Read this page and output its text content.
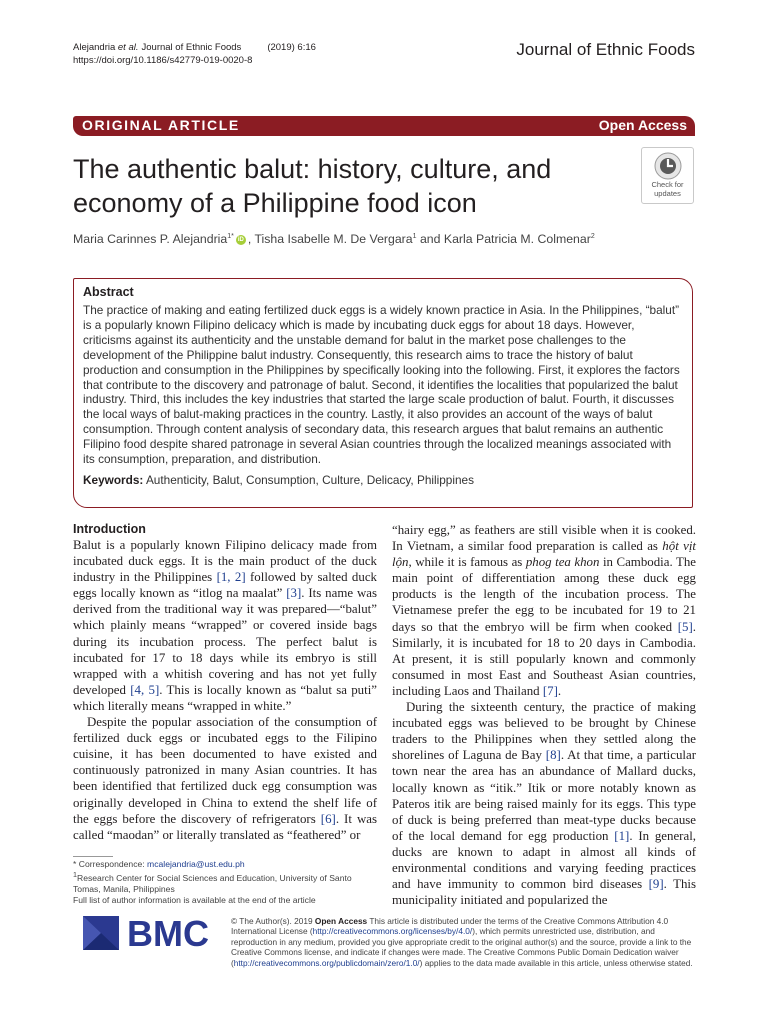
Alejandria et al. Journal of Ethnic Foods	(2019) 6:16
https://doi.org/10.1186/s42779-019-0020-8
Journal of Ethnic Foods
ORIGINAL ARTICLE	Open Access
The authentic balut: history, culture, and economy of a Philippine food icon
Check for
updates
Maria Carinnes P. Alejandria$^{1*}$ iD , Tisha Isabelle M. De Vergara$^1$ and Karla Patricia M. Colmenar$^2$
Abstract

The practice of making and eating fertilized duck eggs is a widely known practice in Asia. In the Philippines, “balut” is a popularly known Filipino delicacy which is made by incubating duck eggs for about 18 days. However, criticisms against its authenticity and the unstable demand for balut in the market pose challenges to the development of the Philippine balut industry. Consequently, this research aims to trace the history of balut production and consumption in the Philippines by specifically looking into the following. First, it explores the factors that contribute to the discovery and patronage of balut. Second, it identifies the localities that popularized the balut industry. Third, this includes the key industries that started the large scale production of balut. Fourth, it discusses the local ways of balut-making practices in the country. Lastly, it also provides an account of the ways of balut consumption. Through content analysis of secondary data, this research argues that balut remains an authentic Filipino food despite shared patronage in several Asian countries through the localized meanings associated with its consumption, preparation, and distribution.

Keywords: Authenticity, Balut, Consumption, Culture, Delicacy, Philippines
Introduction

Balut is a popularly known Filipino delicacy made from incubated duck eggs. It is the main product of the duck industry in the Philippines [1, 2] followed by salted duck eggs locally known as “itlog na maalat” [3]. Its name was derived from the traditional way it was prepared—“balut” which plainly means “wrapped” or covered inside bags during its incubation process. The perfect balut is incubated for 17 to 18 days while its embryo is still wrapped with a whitish covering and has not yet fully developed [4, 5]. This is locally known as “balut sa puti” which literally means “wrapped in white.”

Despite the popular association of the consumption of fertilized duck eggs or incubated eggs to the Filipino cuisine, it has been documented to have existed and continuously patronized in many Asian countries. It has been identified that fertilized duck egg consumption was originally developed in China to extend the shelf life of the eggs before the discovery of refrigerators [6]. It was called “maodan” or literally translated as “feathered” or

“hairy egg,” as feathers are still visible when it is cooked. In Vietnam, a similar food preparation is called as hột vịt lộn, while it is famous as phog tea khon in Cambodia. The main point of differentiation among these duck egg products is the length of the incubation process. The Vietnamese prefer the egg to be incubated for 19 to 21 days so that the embryo will be firm when cooked [5]. Similarly, it is incubated for 18 to 20 days in Cambodia. At present, it is still popularly known and commonly consumed in most East and Southeast Asian countries, including Laos and Thailand [7].

During the sixteenth century, the practice of making incubated eggs was believed to be brought by Chinese traders to the Philippines when they settled along the shorelines of Laguna de Bay [8]. At that time, a particular town near the area has an abundance of Mallard ducks, locally known as “itik.” Itik or more notably known as Pateros itik are being raised mainly for its eggs. This type of duck is being preferred than meat-type ducks because of the local demand for egg production [1]. In general, ducks are known to adapt in almost all kinds of environmental conditions and varying feeding practices and have immunity to common bird diseases [9]. This municipality initiated and popularized the

* Correspondence: mcalejandria@ust.edu.ph
$^1$Research Center for Social Sciences and Education, University of Santo Tomas, Manila, Philippines
Full list of author information is available at the end of the article
BMC	© The Author(s). 2019 Open Access This article is distributed under the terms of the Creative Commons Attribution 4.0 International License (http://creativecommons.org/licenses/by/4.0/), which permits unrestricted use, distribution, and reproduction in any medium, provided you give appropriate credit to the original author(s) and the source, provide a link to the Creative Commons license, and indicate if changes were made. The Creative Commons Public Domain Dedication waiver (http://creativecommons.org/publicdomain/zero/1.0/) applies to the data made available in this article, unless otherwise stated.
